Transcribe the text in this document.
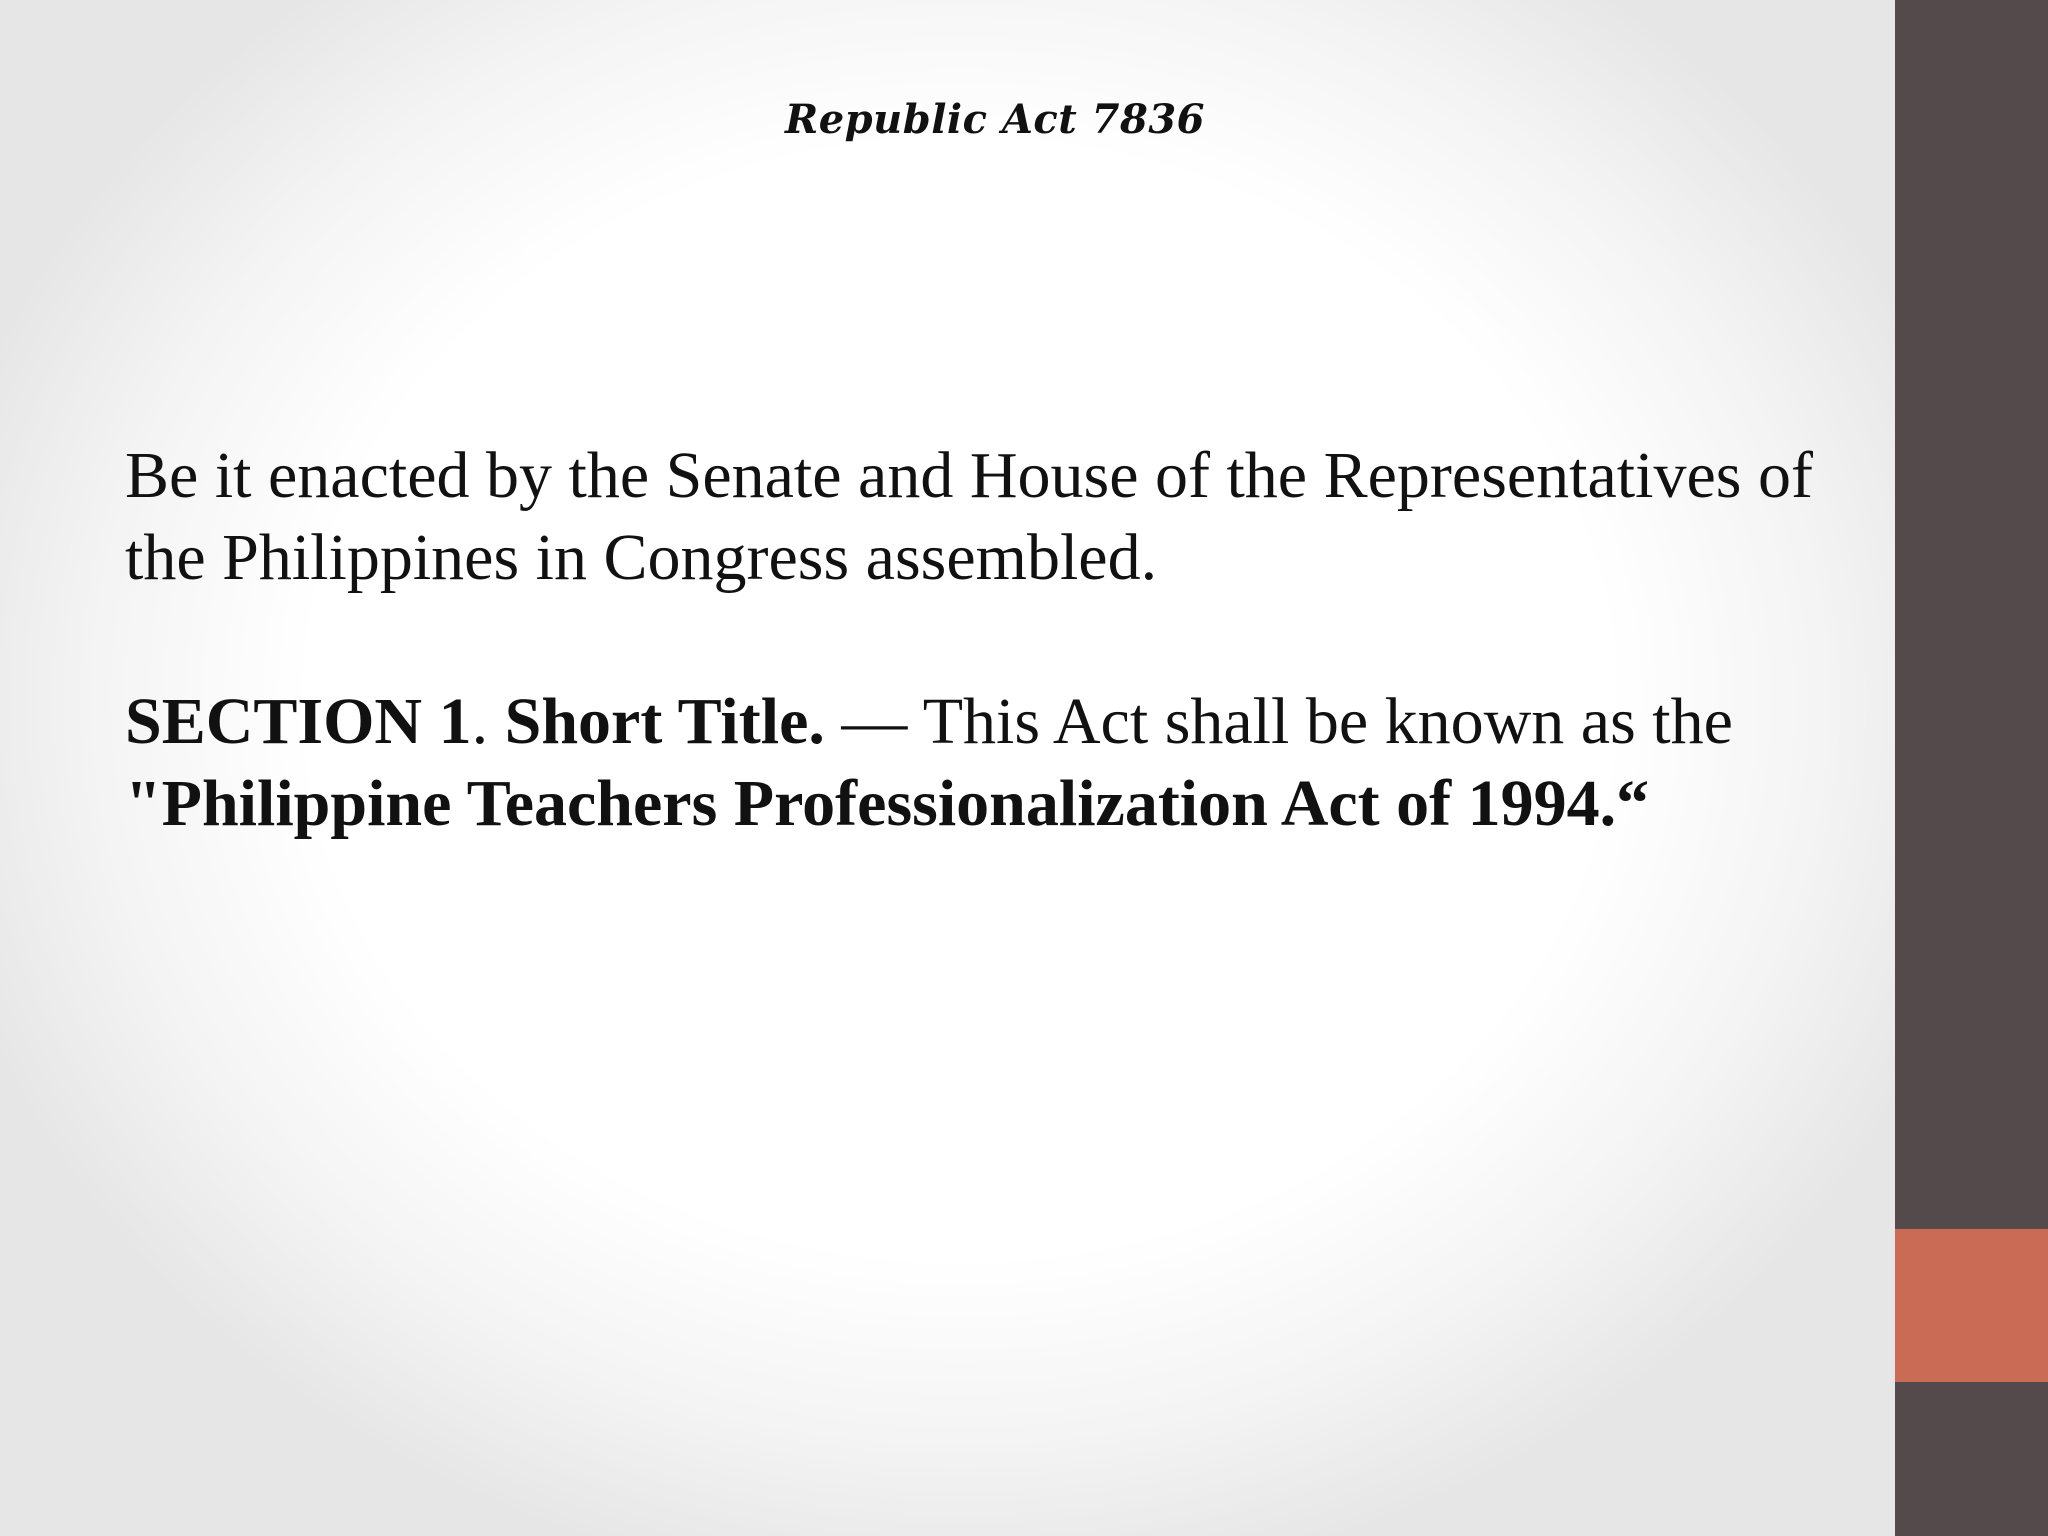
Republic Act 7836

Be it enacted by the Senate and House of the Representatives of the Philippines in Congress assembled.

SECTION 1. Short Title. — This Act shall be known as the "Philippine Teachers Professionalization Act of 1994.“
